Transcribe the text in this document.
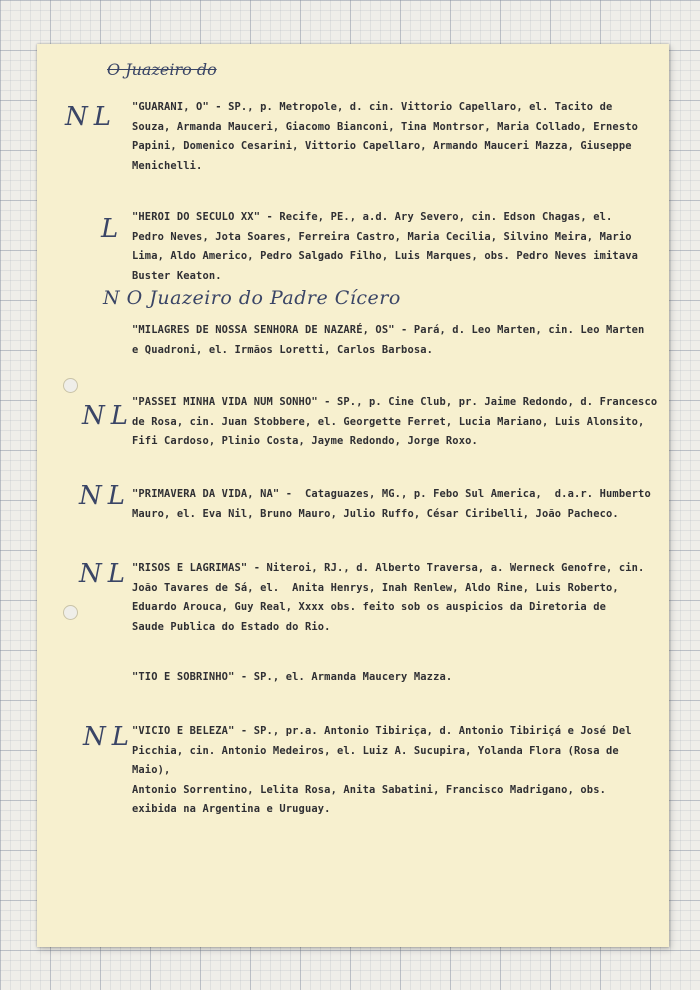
O Juazeiro do
N O Juazeiro do Padre Cícero
NL
L
NL
NL
NL
NL
"GUARANI, O" - SP., p. Metropole, d. cin. Vittorio Capellaro, el. Tacito de
Souza, Armanda Mauceri, Giacomo Bianconi, Tina Montrsor, Maria Collado, Ernesto
Papini, Domenico Cesarini, Vittorio Capellaro, Armando Mauceri Mazza, Giuseppe
Menichelli.
"HEROI DO SECULO XX" - Recife, PE., a.d. Ary Severo, cin. Edson Chagas, el.
Pedro Neves, Jota Soares, Ferreira Castro, Maria Cecilia, Silvino Meira, Mario
Lima, Aldo Americo, Pedro Salgado Filho, Luis Marques, obs. Pedro Neves imitava
Buster Keaton.
"MILAGRES DE NOSSA SENHORA DE NAZARÉ, OS" - Pará, d. Leo Marten, cin. Leo Marten
e Quadroni, el. Irmãos Loretti, Carlos Barbosa.
"PASSEI MINHA VIDA NUM SONHO" - SP., p. Cine Club, pr. Jaime Redondo, d. Francesco
de Rosa, cin. Juan Stobbere, el. Georgette Ferret, Lucia Mariano, Luis Alonsito,
Fifi Cardoso, Plinio Costa, Jayme Redondo, Jorge Roxo.
"PRIMAVERA DA VIDA, NA" -  Cataguazes, MG., p. Febo Sul America,  d.a.r. Humberto
Mauro, el. Eva Nil, Bruno Mauro, Julio Ruffo, César Ciribelli, João Pacheco.
"RISOS E LAGRIMAS" - Niteroi, RJ., d. Alberto Traversa, a. Werneck Genofre, cin.
João Tavares de Sá, el.  Anita Henrys, Inah Renlew, Aldo Rine, Luis Roberto,
Eduardo Arouca, Guy Real, Xxxx obs. feito sob os auspicios da Diretoria de
Saude Publica do Estado do Rio.
"TIO E SOBRINHO" - SP., el. Armanda Maucery Mazza.
"VICIO E BELEZA" - SP., pr.a. Antonio Tibiriça, d. Antonio Tibiriçá e José Del
Picchia, cin. Antonio Medeiros, el. Luiz A. Sucupira, Yolanda Flora (Rosa de Maio),
Antonio Sorrentino, Lelita Rosa, Anita Sabatini, Francisco Madrigano, obs.
exibida na Argentina e Uruguay.
